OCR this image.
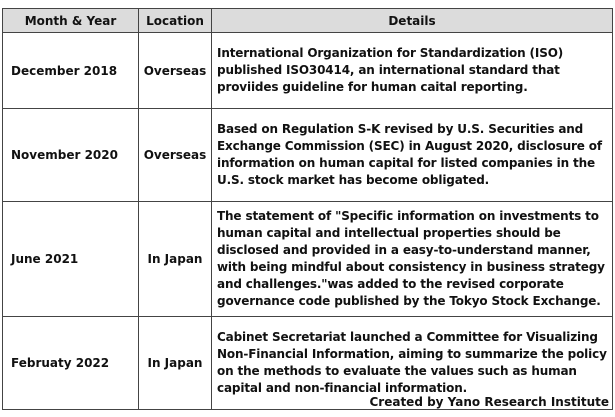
Month & Year	Location	Details
December 2018	Overseas	International Organization for Standardization (ISO) published ISO30414, an international standard that proviides guideline for human caital reporting.
November 2020	Overseas	Based on Regulation S-K revised by U.S. Securities and Exchange Commission (SEC) in August 2020, disclosure of information on human capital for listed companies in the U.S. stock market has become obligated.
June 2021	In Japan	The statement of "Specific information on investments to human capital and intellectual properties should be disclosed and provided in a easy-to-understand manner, with being mindful about consistency in business strategy and challenges."was added to the revised corporate governance code published by the Tokyo Stock Exchange.
Februaty 2022	In Japan	Cabinet Secretariat launched a Committee for Visualizing Non-Financial Information, aiming to summarize the policy on the methods to evaluate the values such as human capital and non-financial information.
Created by Yano Research Institute
